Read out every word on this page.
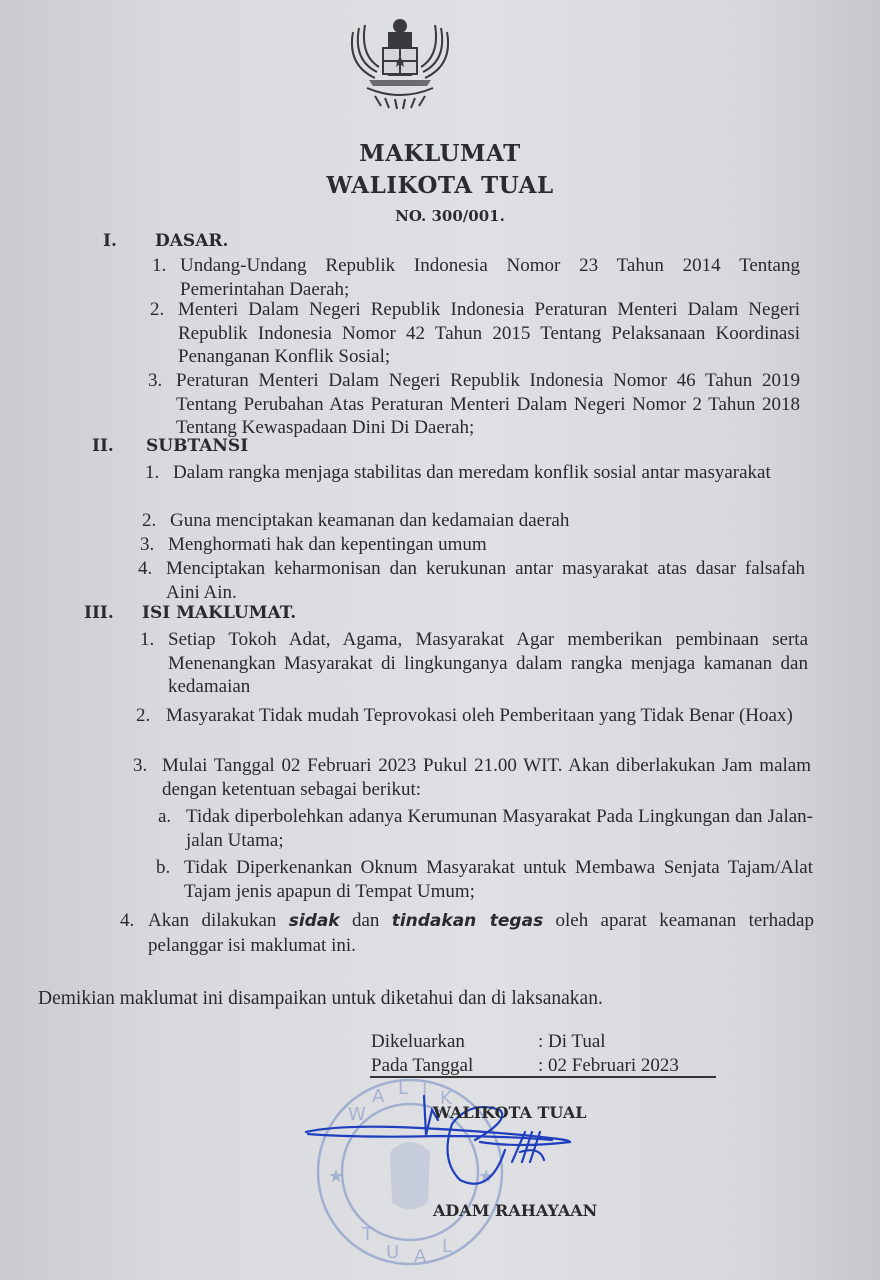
MAKLUMAT
WALIKOTA TUAL
NO. 300/001.
I. DASAR.
1. Undang-Undang Republik Indonesia Nomor 23 Tahun 2014 Tentang Pemerintahan Daerah;
2. Menteri Dalam Negeri Republik Indonesia Peraturan Menteri Dalam Negeri Republik Indonesia Nomor 42 Tahun 2015 Tentang Pelaksanaan Koordinasi Penanganan Konflik Sosial;
3. Peraturan Menteri Dalam Negeri Republik Indonesia Nomor 46 Tahun 2019 Tentang Perubahan Atas Peraturan Menteri Dalam Negeri Nomor 2 Tahun 2018 Tentang Kewaspadaan Dini Di Daerah;
II. SUBTANSI
1. Dalam rangka menjaga stabilitas dan meredam konflik sosial antar masyarakat
2. Guna menciptakan keamanan dan kedamaian daerah
3. Menghormati hak dan kepentingan umum
4. Menciptakan keharmonisan dan kerukunan antar masyarakat atas dasar falsafah Aini Ain.
III. ISI MAKLUMAT.
1. Setiap Tokoh Adat, Agama, Masyarakat Agar memberikan pembinaan serta Menenangkan Masyarakat di lingkunganya dalam rangka menjaga kamanan dan kedamaian
2. Masyarakat Tidak mudah Teprovokasi oleh Pemberitaan yang Tidak Benar (Hoax)
3. Mulai Tanggal 02 Februari 2023 Pukul 21.00 WIT. Akan diberlakukan Jam malam dengan ketentuan sebagai berikut:
a. Tidak diperbolehkan adanya Kerumunan Masyarakat Pada Lingkungan dan Jalan-jalan Utama;
b. Tidak Diperkenankan Oknum Masyarakat untuk Membawa Senjata Tajam/Alat Tajam jenis apapun di Tempat Umum;
4. Akan dilakukan sidak dan tindakan tegas oleh aparat keamanan terhadap pelanggar isi maklumat ini.
Demikian maklumat ini disampaikan untuk diketahui dan di laksanakan.
Dikeluarkan	: Di Tual
Pada Tanggal	: 02 Februari 2023
W
A L I K
T
U A L
★	★
WALIKOTA TUAL
ADAM RAHAYAAN
